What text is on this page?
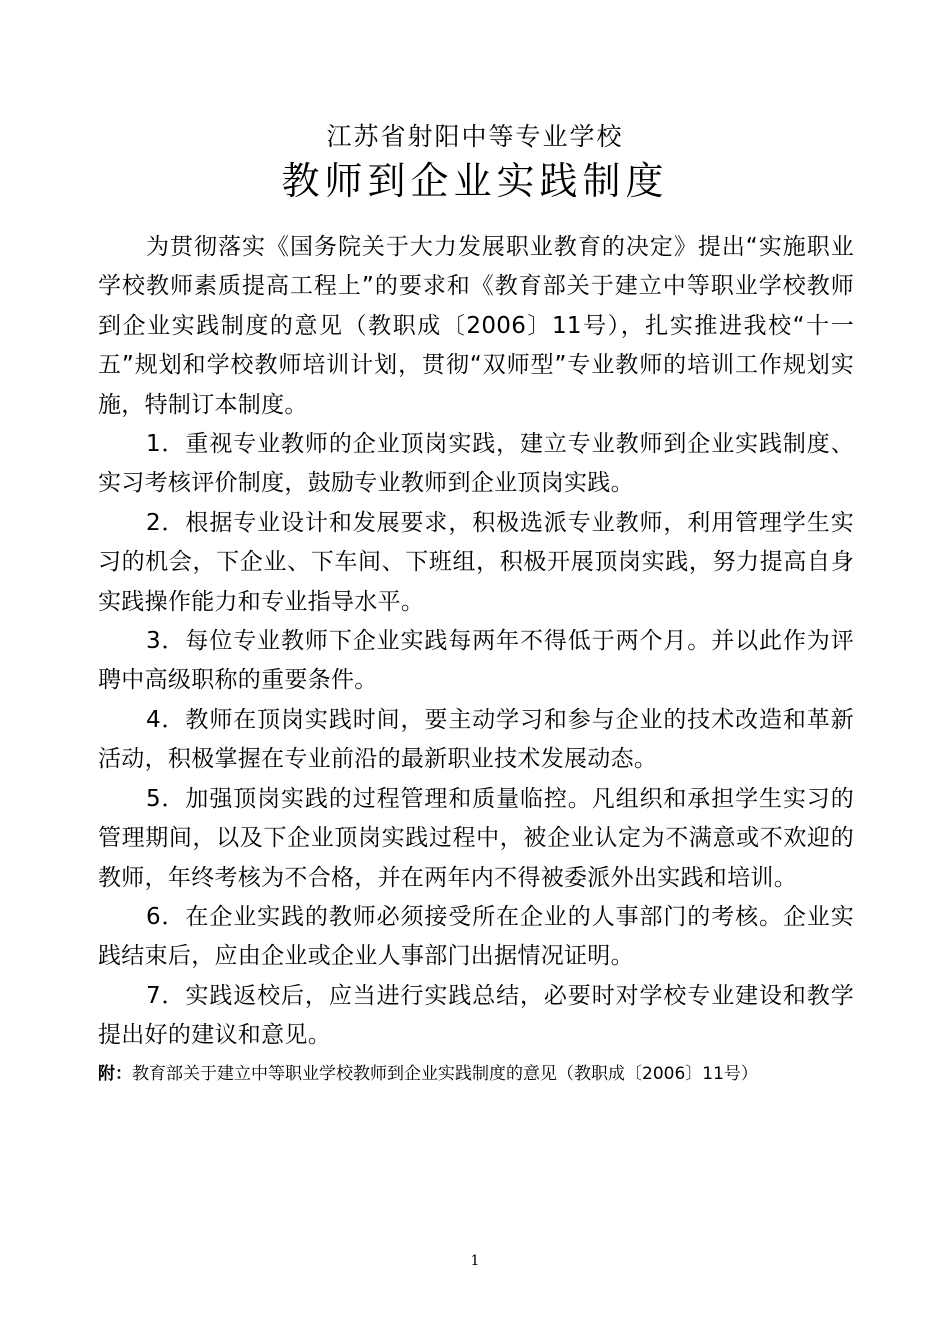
江苏省射阳中等专业学校
教师到企业实践制度

为贯彻落实《国务院关于大力发展职业教育的决定》提出“实施职业学校教师素质提高工程上”的要求和《教育部关于建立中等职业学校教师到企业实践制度的意见（教职成〔2006〕11号），扎实推进我校“十一五”规划和学校教师培训计划，贯彻“双师型”专业教师的培训工作规划实施，特制订本制度。

1．重视专业教师的企业顶岗实践，建立专业教师到企业实践制度、实习考核评价制度，鼓励专业教师到企业顶岗实践。

2．根据专业设计和发展要求，积极选派专业教师，利用管理学生实习的机会，下企业、下车间、下班组，积极开展顶岗实践，努力提高自身实践操作能力和专业指导水平。

3．每位专业教师下企业实践每两年不得低于两个月。并以此作为评聘中高级职称的重要条件。

4．教师在顶岗实践时间，要主动学习和参与企业的技术改造和革新活动，积极掌握在专业前沿的最新职业技术发展动态。

5．加强顶岗实践的过程管理和质量临控。凡组织和承担学生实习的管理期间，以及下企业顶岗实践过程中，被企业认定为不满意或不欢迎的教师，年终考核为不合格，并在两年内不得被委派外出实践和培训。

6．在企业实践的教师必须接受所在企业的人事部门的考核。企业实践结束后，应由企业或企业人事部门出据情况证明。

7．实践返校后，应当进行实践总结，必要时对学校专业建设和教学提出好的建议和意见。

附：教育部关于建立中等职业学校教师到企业实践制度的意见（教职成〔2006〕11号）
1
